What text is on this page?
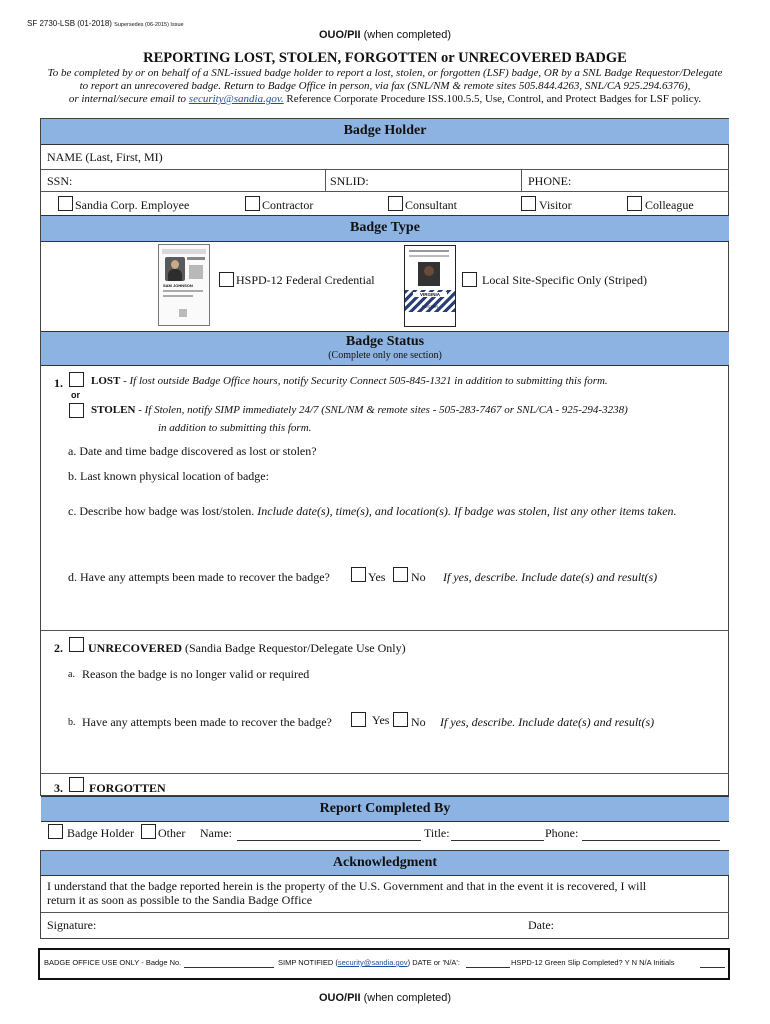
SF 2730-LSB (01-2018) Supersedes (06-2015) Issue
OUO/PII (when completed)
REPORTING LOST, STOLEN, FORGOTTEN or UNRECOVERED BADGE
To be completed by or on behalf of a SNL-issued badge holder to report a lost, stolen, or forgotten (LSF) badge, OR by a SNL Badge Requestor/Delegate
to report an unrecovered badge. Return to Badge Office in person, via fax (SNL/NM & remote sites 505.844.4263, SNL/CA 925.294.6376),
or internal/secure email to security@sandia.gov. Reference Corporate Procedure ISS.100.5.5, Use, Control, and Protect Badges for LSF policy.
Badge Holder
NAME (Last, First, MI)
SSN:	SNLID:	PHONE:
Sandia Corp. Employee	Contractor	Consultant	Visitor	Colleague
Badge Type
SAM JOHNSON	HSPD-12 Federal Credential
VIRGINIA
FOSTER
Local Site-Specific Only (Striped)
Badge Status
(Complete only one section)
1.	LOST - If lost outside Badge Office hours, notify Security Connect 505-845-1321 in addition to submitting this form.
or
STOLEN - If Stolen, notify SIMP immediately 24/7 (SNL/NM & remote sites - 505-283-7467 or SNL/CA - 925-294-3238)
in addition to submitting this form.
a. Date and time badge discovered as lost or stolen?
b. Last known physical location of badge:
c. Describe how badge was lost/stolen. Include date(s), time(s), and location(s). If badge was stolen, list any other items taken.
d. Have any attempts been made to recover the badge?	Yes No If yes, describe. Include date(s) and result(s)
2. UNRECOVERED (Sandia Badge Requestor/Delegate Use Only)
a. Reason the badge is no longer valid or required
b. Have any attempts been made to recover the badge?	Yes No If yes, describe. Include date(s) and result(s)
3. FORGOTTEN
Report Completed By
Badge Holder Other Name:	Title:	Phone:
Acknowledgment
I understand that the badge reported herein is the property of the U.S. Government and that in the event it is recovered, I will
return it as soon as possible to the Sandia Badge Office
Signature:	Date:
BADGE OFFICE USE ONLY - Badge No.	SIMP NOTIFIED (security@sandia.gov) DATE or 'N/A':	HSPD-12 Green Slip Completed? Y N N/A Initials
OUO/PII (when completed)
